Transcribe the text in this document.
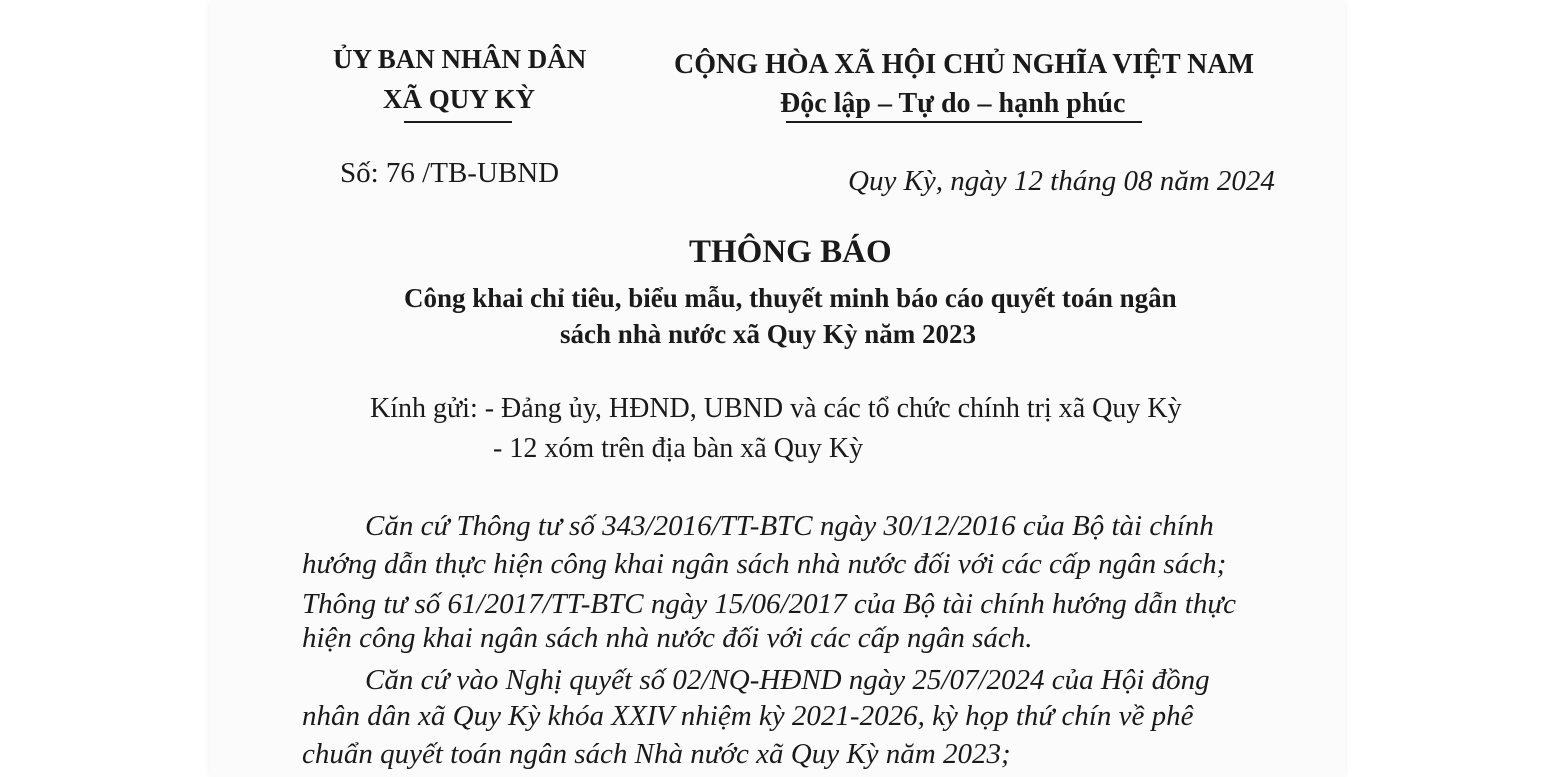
ỦY BAN NHÂN DÂN
XÃ QUY KỲ
CỘNG HÒA XÃ HỘI CHỦ NGHĨA VIỆT NAM
Độc lập – Tự do – hạnh phúc
Số: 76 /TB-UBND	Quy Kỳ, ngày 12 tháng 08 năm 2024
THÔNG BÁO
Công khai chỉ tiêu, biểu mẫu, thuyết minh báo cáo quyết toán ngân
sách nhà nước xã Quy Kỳ năm 2023
Kính gửi: - Đảng ủy, HĐND, UBND và các tổ chức chính trị xã Quy Kỳ
- 12 xóm trên địa bàn xã Quy Kỳ
Căn cứ Thông tư số 343/2016/TT-BTC ngày 30/12/2016 của Bộ tài chính
hướng dẫn thực hiện công khai ngân sách nhà nước đối với các cấp ngân sách;
Thông tư số 61/2017/TT-BTC ngày 15/06/2017 của Bộ tài chính hướng dẫn thực
hiện công khai ngân sách nhà nước đối với các cấp ngân sách.
Căn cứ vào Nghị quyết số 02/NQ-HĐND ngày 25/07/2024 của Hội đồng
nhân dân xã Quy Kỳ khóa XXIV nhiệm kỳ 2021-2026, kỳ họp thứ chín về phê
chuẩn quyết toán ngân sách Nhà nước xã Quy Kỳ năm 2023;
